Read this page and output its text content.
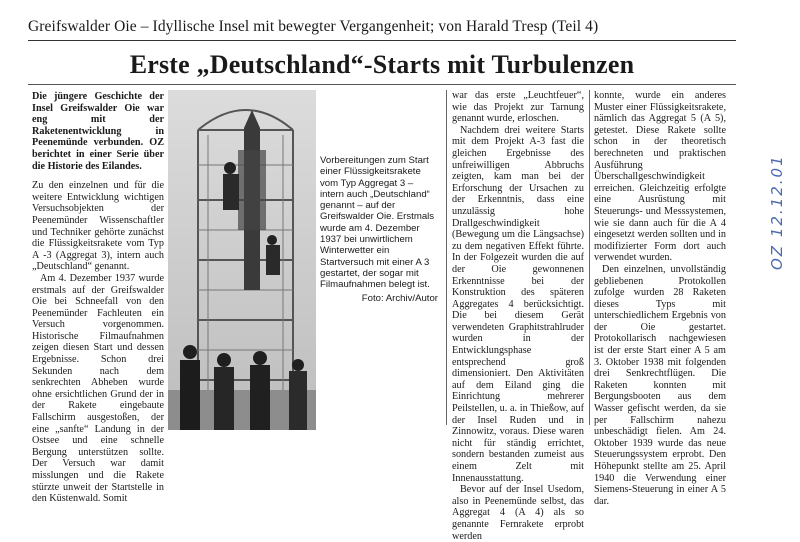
Greifswalder Oie – Idyllische Insel mit bewegter Vergangenheit; von Harald Tresp (Teil 4)
Erste „Deutschland“-Starts mit Turbulenzen

Die jüngere Geschichte der Insel Greifswalder Oie war eng mit der Raketenentwicklung in Peenemünde verbunden. OZ berichtet in einer Serie über die Historie des Eilandes.

Zu den einzelnen und für die weitere Entwicklung wichtigen Versuchsobjekten der Peenemünder Wissenschaftler und Techniker gehörte zunächst die Flüssigkeitsrakete vom Typ A -3 (Aggregat 3), intern auch „Deutschland“ genannt.

Am 4. Dezember 1937 wurde erstmals auf der Greifswalder Oie bei Schneefall von den Peenemünder Fachleuten ein Versuch vorgenommen. Historische Filmaufnahmen zeigen diesen Start und dessen Ergebnisse. Schon drei Sekunden nach dem senkrechten Abheben wurde ohne ersichtlichen Grund der in der Rakete eingebaute Fallschirm ausgestoßen, der eine „sanfte“ Landung in der Ostsee und eine schnelle Bergung unterstützen sollte. Der Versuch war damit misslungen und die Rakete stürzte unweit der Startstelle in den Küstenwald. Somit

Vorbereitungen zum Start einer Flüssigkeitsrakete vom Typ Aggregat 3 – intern auch „Deutschland“ genannt – auf der Greifswalder Oie. Erstmals wurde am 4. Dezember 1937 bei unwirtlichem Winterwetter ein Startversuch mit einer A 3 gestartet, der sogar mit Filmaufnahmen belegt ist.
Foto: Archiv/Autor

war das erste „Leuchtfeuer“, wie das Projekt zur Tarnung genannt wurde, erloschen.

Nachdem drei weitere Starts mit dem Projekt A-3 fast die gleichen Ergebnisse des unfreiwilligen Abbruchs zeigten, kam man bei der Erforschung der Ursachen zu der Erkenntnis, dass eine unzulässig hohe Drallgeschwindigkeit (Bewegung um die Längsachse) zu dem negativen Effekt führte. In der Folgezeit wurden die auf der Oie gewonnenen Erkenntnisse bei der Konstruktion des späteren Aggregates 4 berücksichtigt. Die bei diesem Gerät verwendeten Graphitstrahlruder wurden in der Entwicklungsphase entsprechend groß dimensioniert. Den Aktivitäten auf dem Eiland ging die Einrichtung mehrerer Peilstellen, u. a. in Thießow, auf der Insel Ruden und in Zinnowitz, voraus. Diese waren nicht für ständig errichtet, sondern bestanden zumeist aus einem Zelt mit Innenausstattung.

Bevor auf der Insel Usedom, also in Peenemünde selbst, das Aggregat 4 (A 4) als so genannte Fernrakete erprobt werden

konnte, wurde ein anderes Muster einer Flüssigkeitsrakete, nämlich das Aggregat 5 (A 5), getestet. Diese Rakete sollte schon in der theoretisch berechneten und praktischen Ausführung Überschallgeschwindigkeit erreichen. Gleichzeitig erfolgte eine Ausrüstung mit Steuerungs- und Messsystemen, wie sie dann auch für die A 4 eingesetzt werden sollten und in modifizierter Form dort auch verwendet wurden.

Den einzelnen, unvollständig gebliebenen Protokollen zufolge wurden 28 Raketen dieses Typs mit unterschiedlichem Ergebnis von der Oie gestartet. Protokollarisch nachgewiesen ist der erste Start einer A 5 am 3. Oktober 1938 mit folgenden drei Senkrechtflügen. Die Raketen konnten mit Bergungsbooten aus dem Wasser gefischt werden, da sie per Fallschirm nahezu unbeschädigt fielen. Am 24. Oktober 1939 wurde das neue Steuerungssystem erprobt. Den Höhepunkt stellte am 25. April 1940 die Verwendung einer Siemens-Steuerung in einer A 5 dar.

OZ 12.12.01
